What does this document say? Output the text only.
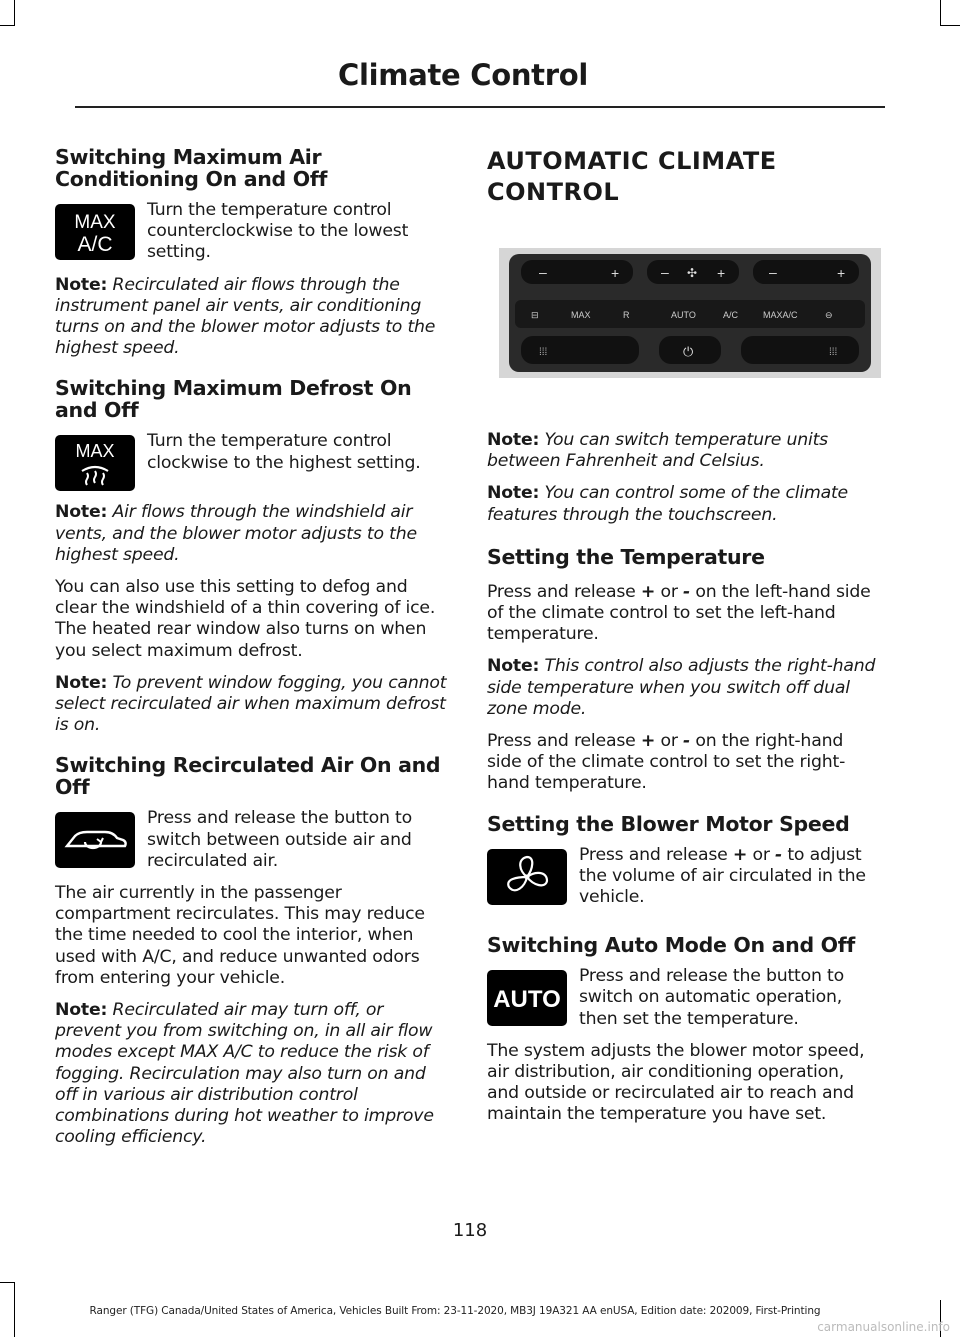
Climate Control
Switching Maximum Air Conditioning On and Off
MAX
A/C

Turn the temperature control counterclockwise to the lowest setting.

Note: Recirculated air flows through the instrument panel air vents, air conditioning turns on and the blower motor adjusts to the highest speed.

Switching Maximum Defrost On and Off
MAX Turn the temperature control clockwise to the highest setting.

Note: Air flows through the windshield air vents, and the blower motor adjusts to the highest speed.

You can also use this setting to defog and clear the windshield of a thin covering of ice. The heated rear window also turns on when you select maximum defrost.

Note: To prevent window fogging, you cannot select recirculated air when maximum defrost is on.

Switching Recirculated Air On and Off

Press and release the button to switch between outside air and recirculated air.

The air currently in the passenger compartment recirculates. This may reduce the time needed to cool the interior, when used with A/C, and reduce unwanted odors from entering your vehicle.

Note: Recirculated air may turn off, or prevent you from switching on, in all air flow modes except MAX A/C to reduce the risk of fogging. Recirculation may also turn on and off in various air distribution control combinations during hot weather to improve cooling efficiency.

AUTOMATIC CLIMATE CONTROL
–	+	– ✣ +	–	+
⊟	MAX	R	AUTO	A/C	MAXA/C	⊖
⁞⁞⁞	⏻	⁞⁞⁞

Note: You can switch temperature units between Fahrenheit and Celsius.

Note: You can control some of the climate features through the touchscreen.

Setting the Temperature

Press and release + or - on the left-hand side of the climate control to set the left-hand temperature.

Note: This control also adjusts the right-hand side temperature when you switch off dual zone mode.

Press and release + or - on the right-hand side of the climate control to set the right-hand temperature.

Setting the Blower Motor Speed

Press and release + or - to adjust the volume of air circulated in the vehicle.

Switching Auto Mode On and Off
AUTO

Press and release the button to switch on automatic operation, then set the temperature.

The system adjusts the blower motor speed, air distribution, air conditioning operation, and outside or recirculated air to reach and maintain the temperature you have set.

118
Ranger (TFG) Canada/United States of America, Vehicles Built From: 23-11-2020, MB3J 19A321 AA enUSA, Edition date: 202009, First-Printing
carmanualsonline.info
